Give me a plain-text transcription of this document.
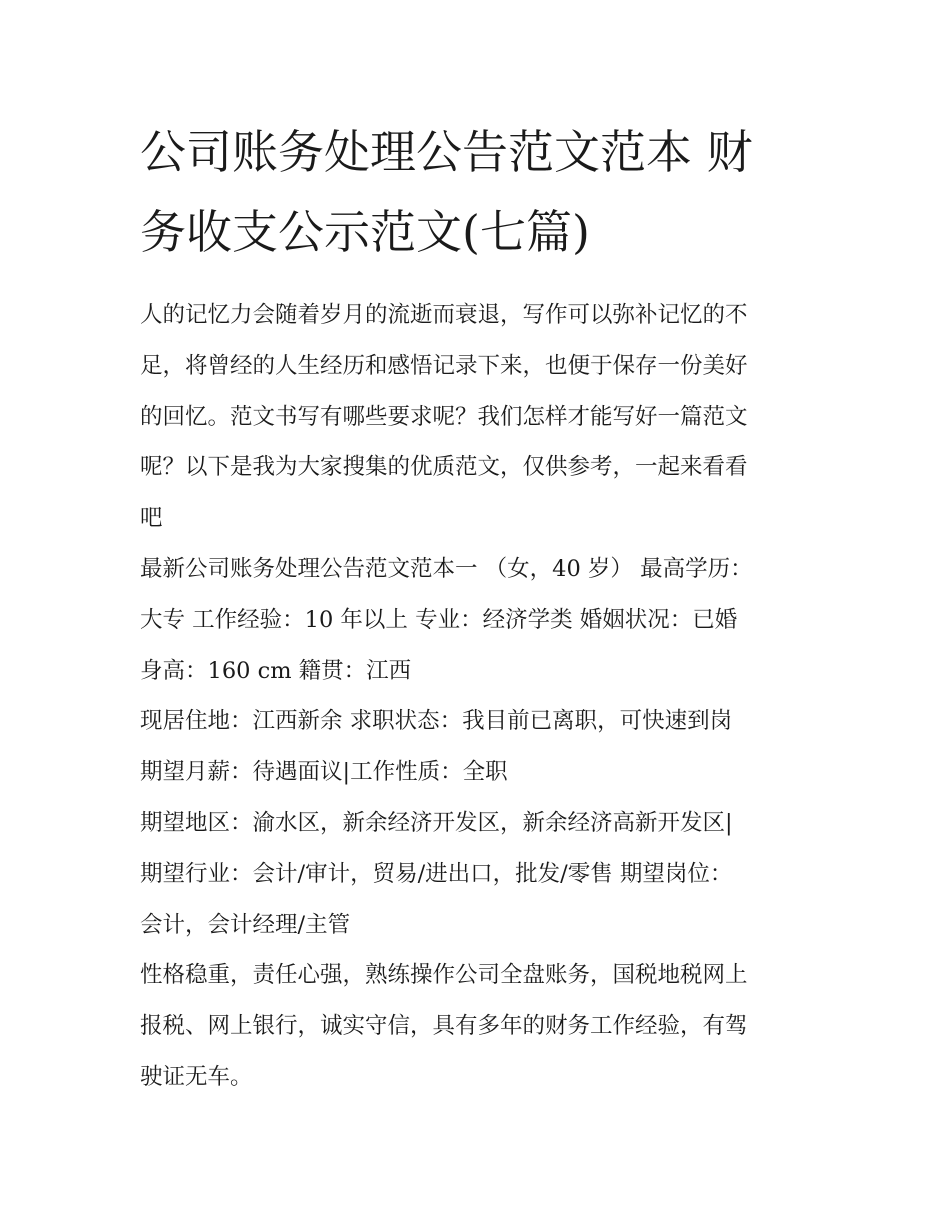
公司账务处理公告范文范本 财
务收支公示范文(七篇)
人的记忆力会随着岁月的流逝而衰退，写作可以弥补记忆的不
足，将曾经的人生经历和感悟记录下来，也便于保存一份美好
的回忆。范文书写有哪些要求呢？我们怎样才能写好一篇范文
呢？以下是我为大家搜集的优质范文，仅供参考，一起来看看
吧
最新公司账务处理公告范文范本一 （女，40 岁） 最高学历：
大专 工作经验：10 年以上 专业：经济学类 婚姻状况：已婚
身高：160 cm 籍贯：江西
现居住地：江西新余 求职状态：我目前已离职，可快速到岗
期望月薪：待遇面议|工作性质：全职
期望地区：渝水区，新余经济开发区，新余经济高新开发区|
期望行业：会计/审计，贸易/进出口，批发/零售 期望岗位：
会计，会计经理/主管
性格稳重，责任心强，熟练操作公司全盘账务，国税地税网上
报税、网上银行，诚实守信，具有多年的财务工作经验，有驾
驶证无车。
